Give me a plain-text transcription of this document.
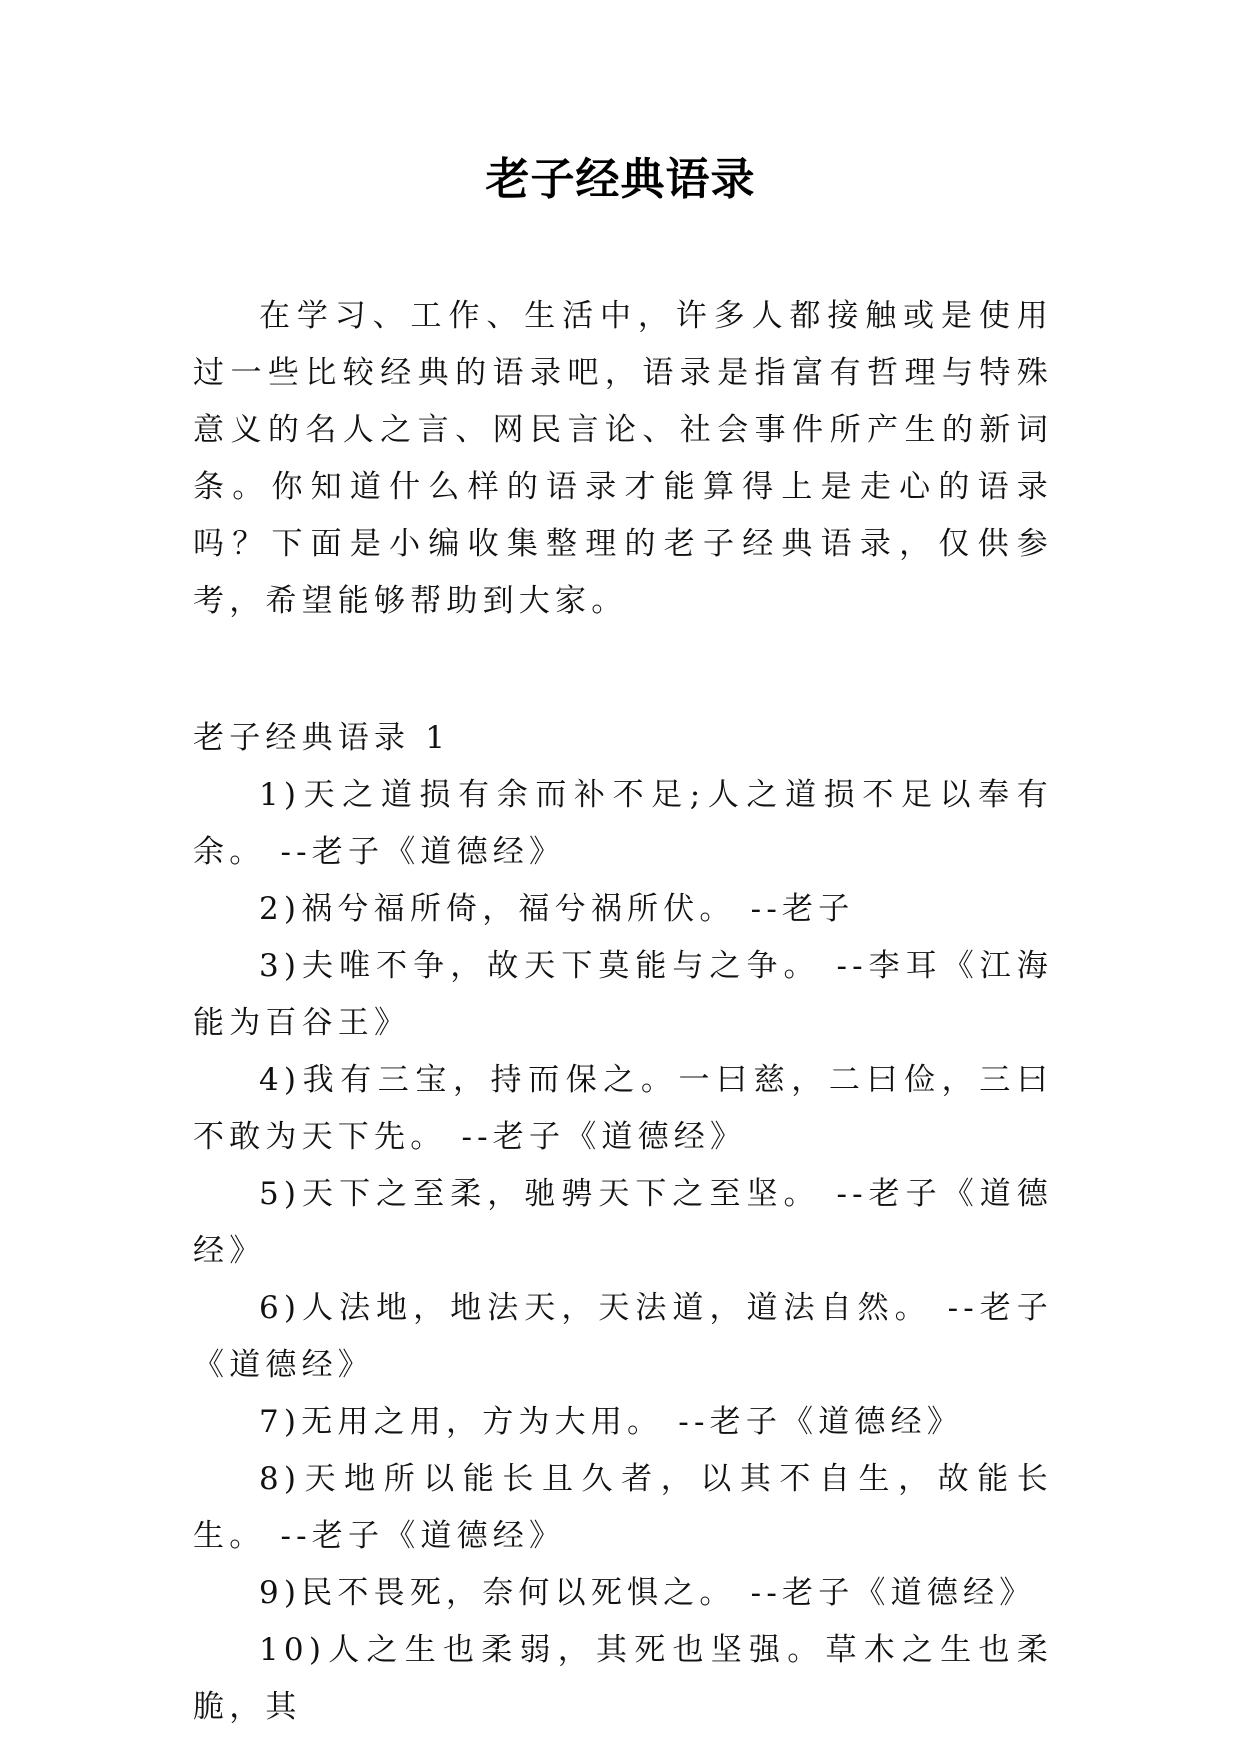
老子经典语录

在学习、工作、生活中，许多人都接触或是使用过一些比较经典的语录吧，语录是指富有哲理与特殊意义的名人之言、网民言论、社会事件所产生的新词条。你知道什么样的语录才能算得上是走心的语录吗？下面是小编收集整理的老子经典语录，仅供参考，希望能够帮助到大家。

老子经典语录 1

1)天之道损有余而补不足;人之道损不足以奉有余。 --老子《道德经》

2)祸兮福所倚，福兮祸所伏。 --老子

3)夫唯不争，故天下莫能与之争。 --李耳《江海能为百谷王》

4)我有三宝，持而保之。一曰慈，二曰俭，三曰不敢为天下先。 --老子《道德经》

5)天下之至柔，驰骋天下之至坚。 --老子《道德经》

6)人法地，地法天，天法道，道法自然。 --老子《道德经》

7)无用之用，方为大用。 --老子《道德经》

8)天地所以能长且久者，以其不自生，故能长生。 --老子《道德经》

9)民不畏死，奈何以死惧之。 --老子《道德经》

10)人之生也柔弱，其死也坚强。草木之生也柔脆，其
